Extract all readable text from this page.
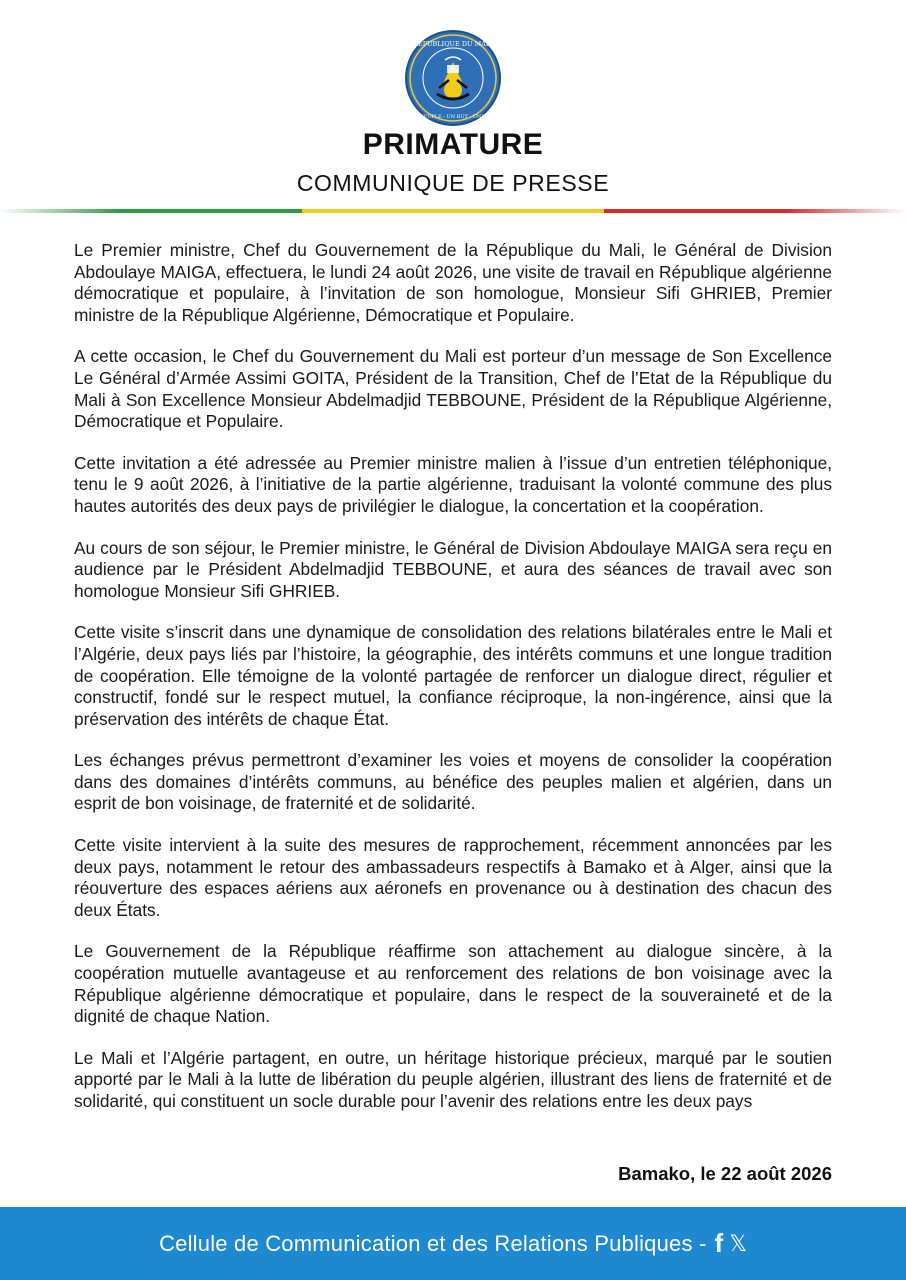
RÉPUBLIQUE DU MALI
UN PEUPLE - UN BUT - UNE FOI
PRIMATURE
COMMUNIQUE DE PRESSE

Le Premier ministre, Chef du Gouvernement de la République du Mali, le Général de Division Abdoulaye MAIGA, effectuera, le lundi 24 août 2026, une visite de travail en République algérienne démocratique et populaire, à l’invitation de son homologue, Monsieur Sifi GHRIEB, Premier ministre de la République Algérienne, Démocratique et Populaire.

A cette occasion, le Chef du Gouvernement du Mali est porteur d’un message de Son Excellence Le Général d’Armée Assimi GOITA, Président de la Transition, Chef de l’Etat de la République du Mali à Son Excellence Monsieur Abdelmadjid TEBBOUNE, Président de la République Algérienne, Démocratique et Populaire.

Cette invitation a été adressée au Premier ministre malien à l’issue d’un entretien téléphonique, tenu le 9 août 2026, à l’initiative de la partie algérienne, traduisant la volonté commune des plus hautes autorités des deux pays de privilégier le dialogue, la concertation et la coopération.

Au cours de son séjour, le Premier ministre, le Général de Division Abdoulaye MAIGA sera reçu en audience par le Président Abdelmadjid TEBBOUNE, et aura des séances de travail avec son homologue Monsieur Sifi GHRIEB.

Cette visite s’inscrit dans une dynamique de consolidation des relations bilatérales entre le Mali et l’Algérie, deux pays liés par l’histoire, la géographie, des intérêts communs et une longue tradition de coopération. Elle témoigne de la volonté partagée de renforcer un dialogue direct, régulier et constructif, fondé sur le respect mutuel, la confiance réciproque, la non-ingérence, ainsi que la préservation des intérêts de chaque État.

Les échanges prévus permettront d’examiner les voies et moyens de consolider la coopération dans des domaines d’intérêts communs, au bénéfice des peuples malien et algérien, dans un esprit de bon voisinage, de fraternité et de solidarité.

Cette visite intervient à la suite des mesures de rapprochement, récemment annoncées par les deux pays, notamment le retour des ambassadeurs respectifs à Bamako et à Alger, ainsi que la réouverture des espaces aériens aux aéronefs en provenance ou à destination des chacun des deux États.

Le Gouvernement de la République réaffirme son attachement au dialogue sincère, à la coopération mutuelle avantageuse et au renforcement des relations de bon voisinage avec la République algérienne démocratique et populaire, dans le respect de la souveraineté et de la dignité de chaque Nation.

Le Mali et l’Algérie partagent, en outre, un héritage historique précieux, marqué par le soutien apporté par le Mali à la lutte de libération du peuple algérien, illustrant des liens de fraternité et de solidarité, qui constituent un socle durable pour l’avenir des relations entre les deux pays

Bamako, le 22 août 2026
Cellule de Communication et des Relations Publiques - f 𝕏
